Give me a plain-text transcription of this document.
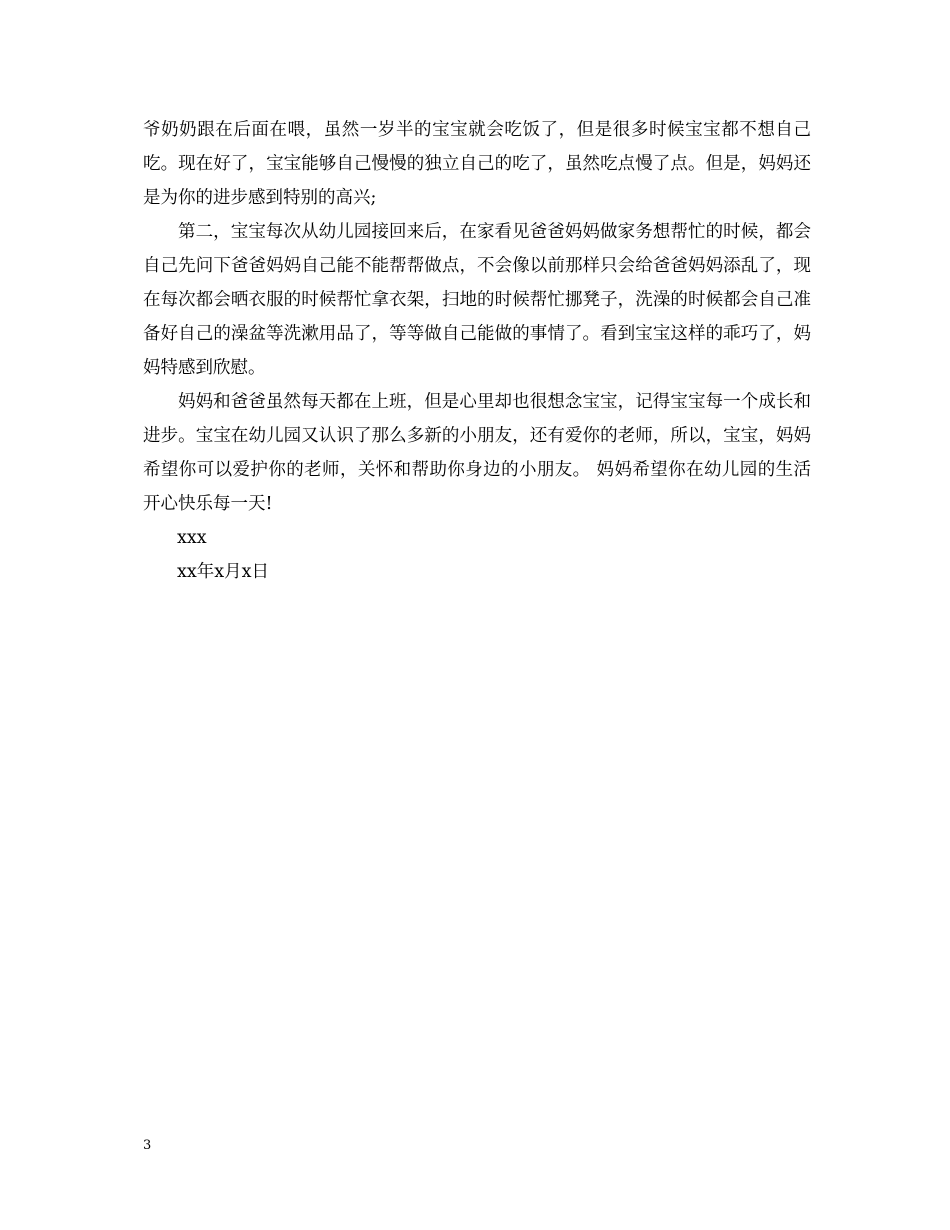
爷奶奶跟在后面在喂，虽然一岁半的宝宝就会吃饭了，但是很多时候宝宝都不想自己吃。现在好了，宝宝能够自己慢慢的独立自己的吃了，虽然吃点慢了点。但是，妈妈还是为你的进步感到特别的高兴;

第二，宝宝每次从幼儿园接回来后，在家看见爸爸妈妈做家务想帮忙的时候，都会自己先问下爸爸妈妈自己能不能帮帮做点，不会像以前那样只会给爸爸妈妈添乱了，现在每次都会晒衣服的时候帮忙拿衣架，扫地的时候帮忙挪凳子，洗澡的时候都会自己准备好自己的澡盆等洗漱用品了，等等做自己能做的事情了。看到宝宝这样的乖巧了，妈妈特感到欣慰。

妈妈和爸爸虽然每天都在上班，但是心里却也很想念宝宝，记得宝宝每一个成长和进步。宝宝在幼儿园又认识了那么多新的小朋友，还有爱你的老师，所以，宝宝，妈妈希望你可以爱护你的老师，关怀和帮助你身边的小朋友。 妈妈希望你在幼儿园的生活开心快乐每一天!

xxx

xx年x月x日

3
